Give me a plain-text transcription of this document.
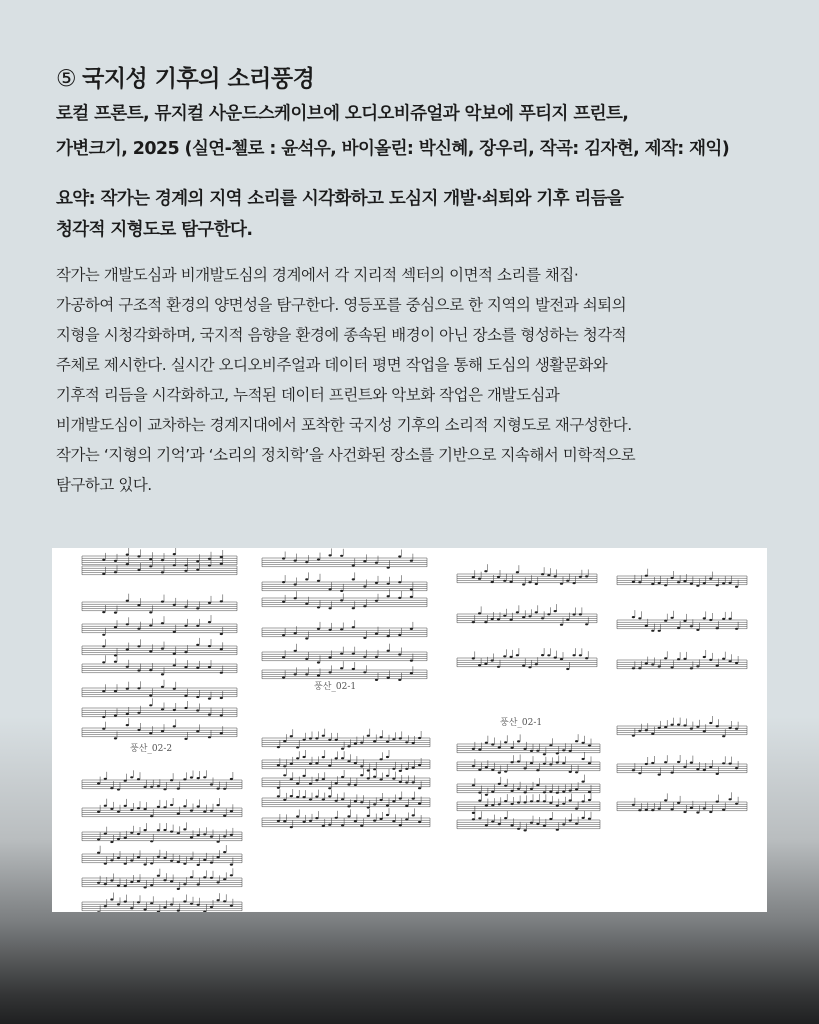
⑤ 국지성 기후의 소리풍경
로컬 프론트, 뮤지컬 사운드스케이브에 오디오비쥬얼과 악보에 푸티지 프린트,
가변크기, 2025 (실연-첼로 : 윤석우, 바이올린: 박신혜, 장우리, 작곡: 김자현, 제작: 재익)
요약: 작가는 경계의 지역 소리를 시각화하고 도심지 개발·쇠퇴와 기후 리듬을
청각적 지형도로 탐구한다.

작가는 개발도심과 비개발도심의 경계에서 각 지리적 섹터의 이면적 소리를 채집·

가공하여 구조적 환경의 양면성을 탐구한다. 영등포를 중심으로 한 지역의 발전과 쇠퇴의

지형을 시청각화하며, 국지적 음향을 환경에 종속된 배경이 아닌 장소를 형성하는 청각적

주체로 제시한다. 실시간 오디오비주얼과 데이터 평면 작업을 통해 도심의 생활문화와

기후적 리듬을 시각화하고, 누적된 데이터 프린트와 악보화 작업은 개발도심과

비개발도심이 교차하는 경계지대에서 포착한 국지성 기후의 소리적 지형도로 재구성한다.

작가는 ‘지형의 기억’과 ‘소리의 정치학’을 사건화된 장소를 기반으로 지속해서 미학적으로

탐구하고 있다.

풍산_02-2
풍산_02-1
풍산_02-1
